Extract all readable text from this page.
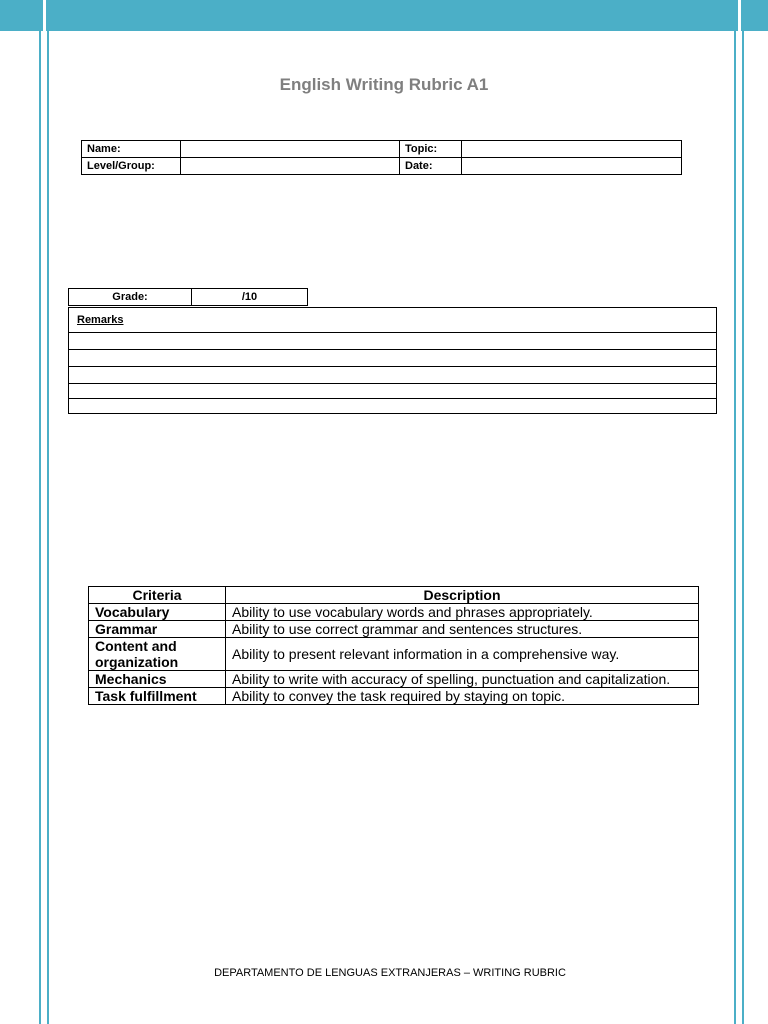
English Writing Rubric A1
Name:		Topic:	
Level/Group:		Date:	
Grade:	/10
Remarks

Criteria	Description
Vocabulary	Ability to use vocabulary words and phrases appropriately.
Grammar	Ability to use correct grammar and sentences structures.
Content and organization	Ability to present relevant information in a comprehensive way.
Mechanics	Ability to write with accuracy of spelling, punctuation and capitalization.
Task fulfillment	Ability to convey the task required by staying on topic.
DEPARTAMENTO DE LENGUAS EXTRANJERAS – WRITING RUBRIC
